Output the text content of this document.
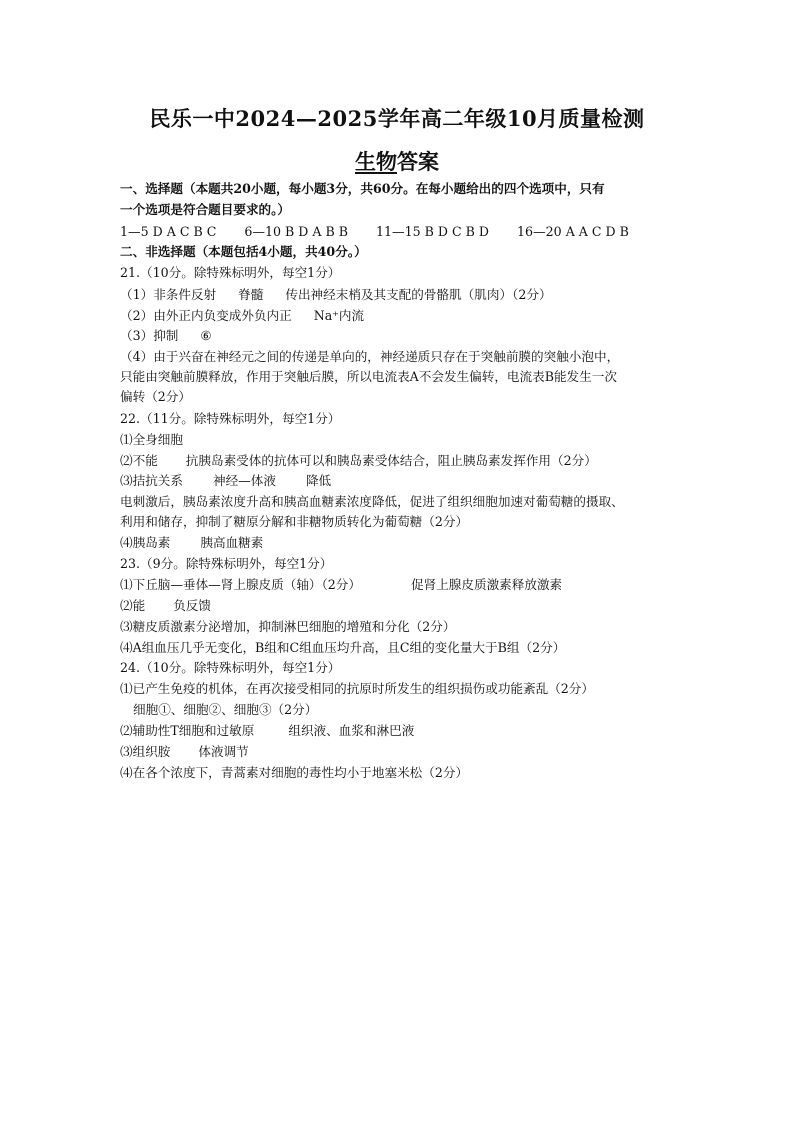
民乐一中2024—2025学年高二年级10月质量检测
生物答案
一、选择题（本题共20小题，每小题3分，共60分。在每小题给出的四个选项中，只有
一个选项是符合题目要求的。）
1—5 D A C B C 6—10 B D A B B 11—15 B D C B D 16—20 A A C D B
二、非选择题（本题包括4小题，共40分。）
21.（10分。除特殊标明外，每空1分）
（1）非条件反射 脊髓 传出神经末梢及其支配的骨骼肌（肌肉）（2分）
（2）由外正内负变成外负内正 Na⁺内流
（3）抑制 ⑥
（4）由于兴奋在神经元之间的传递是单向的，神经递质只存在于突触前膜的突触小泡中，
只能由突触前膜释放，作用于突触后膜，所以电流表A不会发生偏转，电流表B能发生一次
偏转（2分）
22.（11分。除特殊标明外，每空1分）
⑴全身细胞
⑵不能 抗胰岛素受体的抗体可以和胰岛素受体结合，阻止胰岛素发挥作用（2分）
⑶拮抗关系 神经—体液 降低
电刺激后，胰岛素浓度升高和胰高血糖素浓度降低，促进了组织细胞加速对葡萄糖的摄取、
利用和储存，抑制了糖原分解和非糖物质转化为葡萄糖（2分）
⑷胰岛素 胰高血糖素
23.（9分。除特殊标明外，每空1分）
⑴下丘脑—垂体—肾上腺皮质（轴）（2分）	促肾上腺皮质激素释放激素
⑵能 负反馈
⑶糖皮质激素分泌增加，抑制淋巴细胞的增殖和分化（2分）
⑷A组血压几乎无变化，B组和C组血压均升高，且C组的变化量大于B组（2分）
24.（10分。除特殊标明外，每空1分）
⑴已产生免疫的机体，在再次接受相同的抗原时所发生的组织损伤或功能紊乱（2分）
细胞①、细胞②、细胞③（2分）
⑵辅助性T细胞和过敏原	组织液、血浆和淋巴液
⑶组织胺 体液调节
⑷在各个浓度下，青蒿素对细胞的毒性均小于地塞米松（2分）
